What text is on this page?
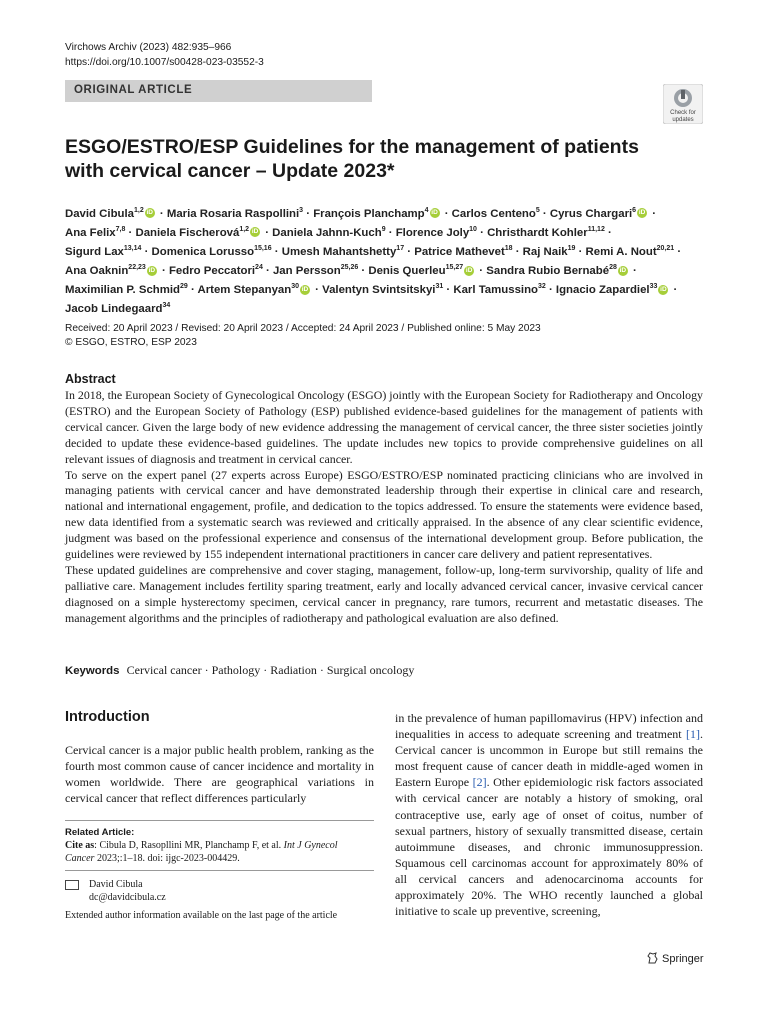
Virchows Archiv (2023) 482:935–966
https://doi.org/10.1007/s00428-023-03552-3
ORIGINAL ARTICLE
Check for
updates
ESGO/ESTRO/ESP Guidelines for the management of patients
with cervical cancer – Update 2023*
David Cibula$^{1,2}$ iD · Maria Rosaria Raspollini$^3$ · François Planchamp$^4$ iD · Carlos Centeno$^5$ · Cyrus Chargari$^6$ iD ·
Ana Felix$^{7,8}$ · Daniela Fischerová$^{1,2}$ iD · Daniela Jahnn-Kuch$^9$ · Florence Joly$^{10}$ · Christhardt Kohler$^{11,12}$ ·
Sigurd Lax$^{13,14}$ · Domenica Lorusso$^{15,16}$ · Umesh Mahantshetty$^{17}$ · Patrice Mathevet$^{18}$ · Raj Naik$^{19}$ · Remi A. Nout$^{20,21}$ ·
Ana Oaknin$^{22,23}$ iD · Fedro Peccatori$^{24}$ · Jan Persson$^{25,26}$ · Denis Querleu$^{15,27}$ iD · Sandra Rubio Bernabé$^{28}$ iD ·
Maximilian P. Schmid$^{29}$ · Artem Stepanyan$^{30}$ iD · Valentyn Svintsitskyi$^{31}$ · Karl Tamussino$^{32}$ · Ignacio Zapardiel$^{33}$ iD ·
Jacob Lindegaard$^{34}$
Received: 20 April 2023 / Revised: 20 April 2023 / Accepted: 24 April 2023 / Published online: 5 May 2023
© ESGO, ESTRO, ESP 2023
Abstract

In 2018, the European Society of Gynecological Oncology (ESGO) jointly with the European Society for Radiotherapy and Oncology (ESTRO) and the European Society of Pathology (ESP) published evidence-based guidelines for the management of patients with cervical cancer. Given the large body of new evidence addressing the management of cervical cancer, the three sister societies jointly decided to update these evidence-based guidelines. The update includes new topics to provide comprehensive guidelines on all relevant issues of diagnosis and treatment in cervical cancer.

To serve on the expert panel (27 experts across Europe) ESGO/ESTRO/ESP nominated practicing clinicians who are involved in managing patients with cervical cancer and have demonstrated leadership through their expertise in clinical care and research, national and international engagement, profile, and dedication to the topics addressed. To ensure the statements were evidence based, new data identified from a systematic search was reviewed and critically appraised. In the absence of any clear scientific evidence, judgment was based on the professional experience and consensus of the international development group. Before publication, the guidelines were reviewed by 155 independent international practitioners in cancer care delivery and patient representatives.

These updated guidelines are comprehensive and cover staging, management, follow-up, long-term survivorship, quality of life and palliative care. Management includes fertility sparing treatment, early and locally advanced cervical cancer, invasive cervical cancer diagnosed on a simple hysterectomy specimen, cervical cancer in pregnancy, rare tumors, recurrent and metastatic diseases. The management algorithms and the principles of radiotherapy and pathological evaluation are also defined.

Keywords Cervical cancer · Pathology · Radiation · Surgical oncology
Introduction
Cervical cancer is a major public health problem, ranking as the fourth most common cause of cancer incidence and mortality in women worldwide. There are geographical variations in cervical cancer that reflect differences particularly
in the prevalence of human papillomavirus (HPV) infection and inequalities in access to adequate screening and treatment [1]. Cervical cancer is uncommon in Europe but still remains the most frequent cause of cancer death in middle-aged women in Eastern Europe [2]. Other epidemiologic risk factors associated with cervical cancer are notably a history of smoking, oral contraceptive use, early age of onset of coitus, number of sexual partners, history of sexually transmitted disease, certain autoimmune diseases, and chronic immunosuppression. Squamous cell carcinomas account for approximately 80% of all cervical cancers and adenocarcinoma accounts for approximately 20%. The WHO recently launched a global initiative to scale up preventive, screening,
Related Article:
Cite as: Cibula D, Rasopllini MR, Planchamp F, et al. Int J Gynecol Cancer 2023;:1–18. doi: ijgc-2023-004429.
David Cibula
dc@davidcibula.cz
Extended author information available on the last page of the article
Springer
